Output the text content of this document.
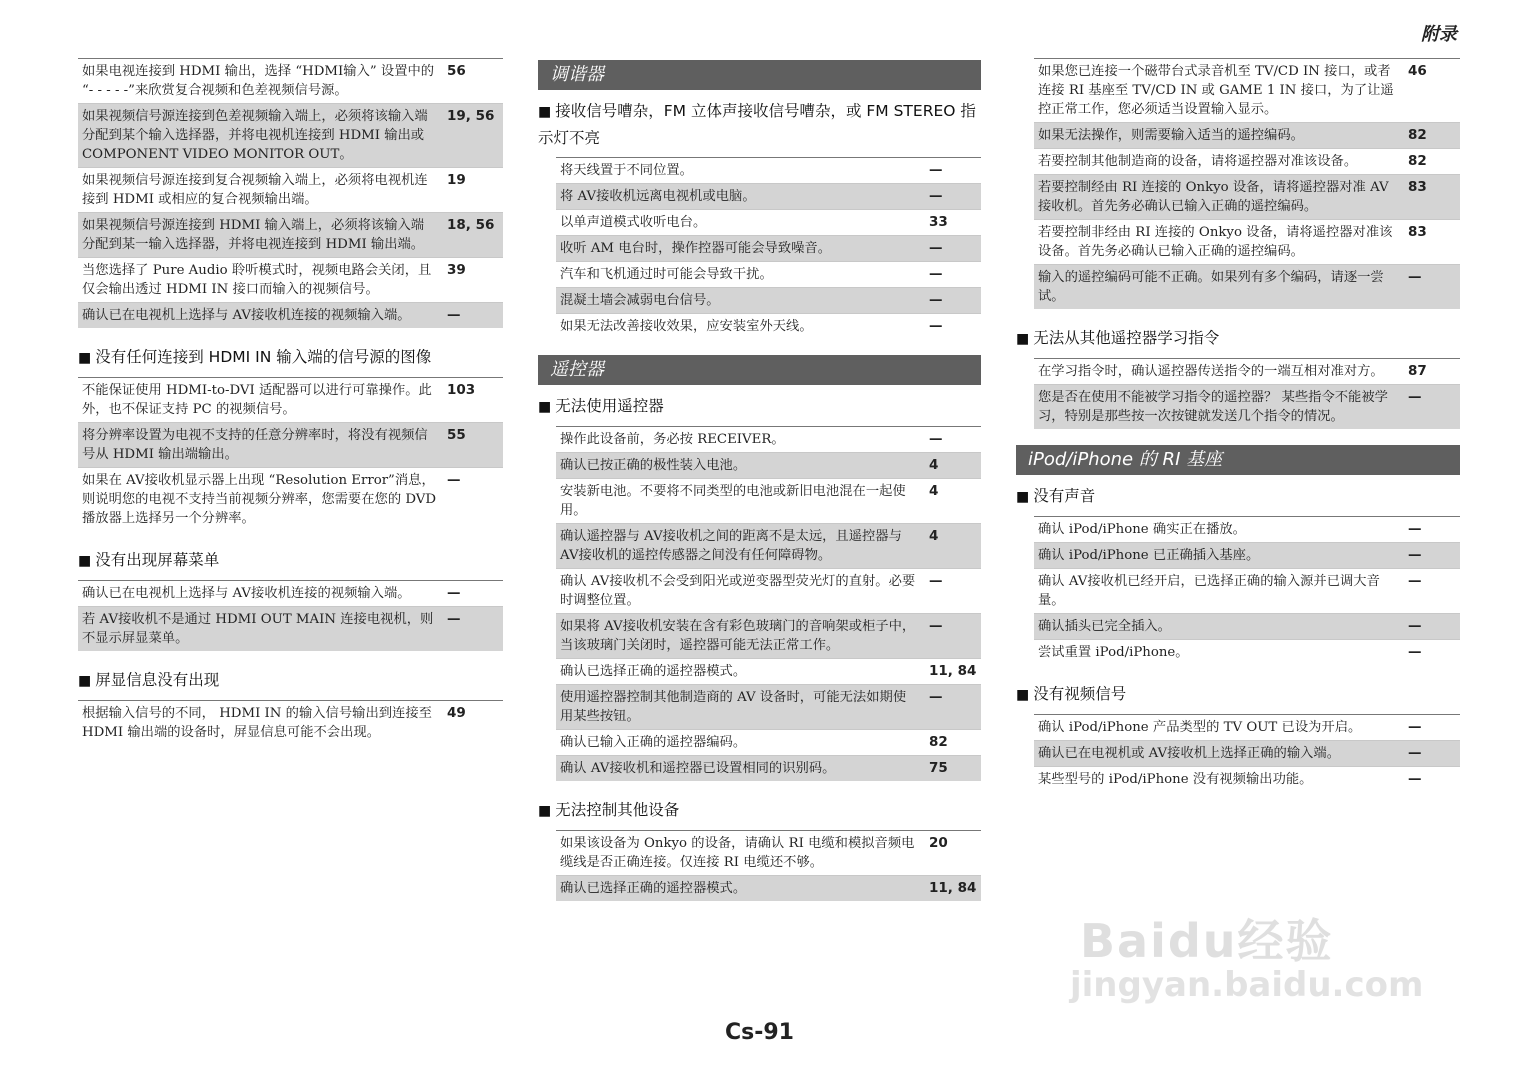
附录
如果电视连接到 HDMI 输出，选择 “HDMI输入” 设置中的 “- - - - -”来欣赏复合视频和色差视频信号源。	56
如果视频信号源连接到色差视频输入端上，必须将该输入端分配到某个输入选择器，并将电视机连接到 HDMI 输出或 COMPONENT VIDEO MONITOR OUT。	19, 56
如果视频信号源连接到复合视频输入端上，必须将电视机连接到 HDMI 或相应的复合视频输出端。	19
如果视频信号源连接到 HDMI 输入端上，必须将该输入端分配到某一输入选择器，并将电视连接到 HDMI 输出端。	18, 56
当您选择了 Pure Audio 聆听模式时，视频电路会关闭，且仅会输出透过 HDMI IN 接口而输入的视频信号。	39
确认已在电视机上选择与 AV接收机连接的视频输入端。	—
■ 没有任何连接到 HDMI IN 输入端的信号源的图像
不能保证使用 HDMI-to-DVI 适配器可以进行可靠操作。此外，也不保证支持 PC 的视频信号。	103
将分辨率设置为电视不支持的任意分辨率时，将没有视频信号从 HDMI 输出端输出。	55
如果在 AV接收机显示器上出现 “Resolution Error”消息，则说明您的电视不支持当前视频分辨率，您需要在您的 DVD 播放器上选择另一个分辨率。	—
■ 没有出现屏幕菜单
确认已在电视机上选择与 AV接收机连接的视频输入端。	—
若 AV接收机不是通过 HDMI OUT MAIN 连接电视机，则不显示屏显菜单。	—
■ 屏显信息没有出现
根据输入信号的不同， HDMI IN 的输入信号输出到连接至 HDMI 输出端的设备时，屏显信息可能不会出现。	49
调谐器
■ 接收信号嘈杂，FM 立体声接收信号嘈杂，或 FM STEREO 指示灯不亮
将天线置于不同位置。	—
将 AV接收机远离电视机或电脑。	—
以单声道模式收听电台。	33
收听 AM 电台时，操作控器可能会导致噪音。	—
汽车和飞机通过时可能会导致干扰。	—
混凝土墙会减弱电台信号。	—
如果无法改善接收效果，应安装室外天线。	—
遥控器
■ 无法使用遥控器
操作此设备前，务必按 RECEIVER。	—
确认已按正确的极性装入电池。	4
安装新电池。不要将不同类型的电池或新旧电池混在一起使用。	4
确认遥控器与 AV接收机之间的距离不是太远，且遥控器与 AV接收机的遥控传感器之间没有任何障碍物。	4
确认 AV接收机不会受到阳光或逆变器型荧光灯的直射。必要时调整位置。	—
如果将 AV接收机安装在含有彩色玻璃门的音响架或柜子中，当该玻璃门关闭时，遥控器可能无法正常工作。	—
确认已选择正确的遥控器模式。	11, 84
使用遥控器控制其他制造商的 AV 设备时，可能无法如期使用某些按钮。	—
确认已输入正确的遥控器编码。	82
确认 AV接收机和遥控器已设置相同的识别码。	75
■ 无法控制其他设备
如果该设备为 Onkyo 的设备，请确认 RI 电缆和模拟音频电缆线是否正确连接。仅连接 RI 电缆还不够。	20
确认已选择正确的遥控器模式。	11, 84
如果您已连接一个磁带台式录音机至 TV/CD IN 接口，或者连接 RI 基座至 TV/CD IN 或 GAME 1 IN 接口，为了让遥控正常工作，您必须适当设置输入显示。	46
如果无法操作，则需要输入适当的遥控编码。	82
若要控制其他制造商的设备，请将遥控器对准该设备。	82
若要控制经由 RI 连接的 Onkyo 设备，请将遥控器对准 AV接收机。首先务必确认已输入正确的遥控编码。	83
若要控制非经由 RI 连接的 Onkyo 设备，请将遥控器对准该设备。首先务必确认已输入正确的遥控编码。	83
输入的遥控编码可能不正确。如果列有多个编码，请逐一尝试。	—
■ 无法从其他遥控器学习指令
在学习指令时，确认遥控器传送指令的一端互相对准对方。	87
您是否在使用不能被学习指令的遥控器？ 某些指令不能被学习，特别是那些按一次按键就发送几个指令的情况。	—
iPod/iPhone 的 RI 基座
■ 没有声音
确认 iPod/iPhone 确实正在播放。	—
确认 iPod/iPhone 已正确插入基座。	—
确认 AV接收机已经开启，已选择正确的输入源并已调大音量。	—
确认插头已完全插入。	—
尝试重置 iPod/iPhone。	—
■ 没有视频信号
确认 iPod/iPhone 产品类型的 TV OUT 已设为开启。	—
确认已在电视机或 AV接收机上选择正确的输入端。	—
某些型号的 iPod/iPhone 没有视频输出功能。	—
Cs-91
Baidu经验
jingyan.baidu.com
